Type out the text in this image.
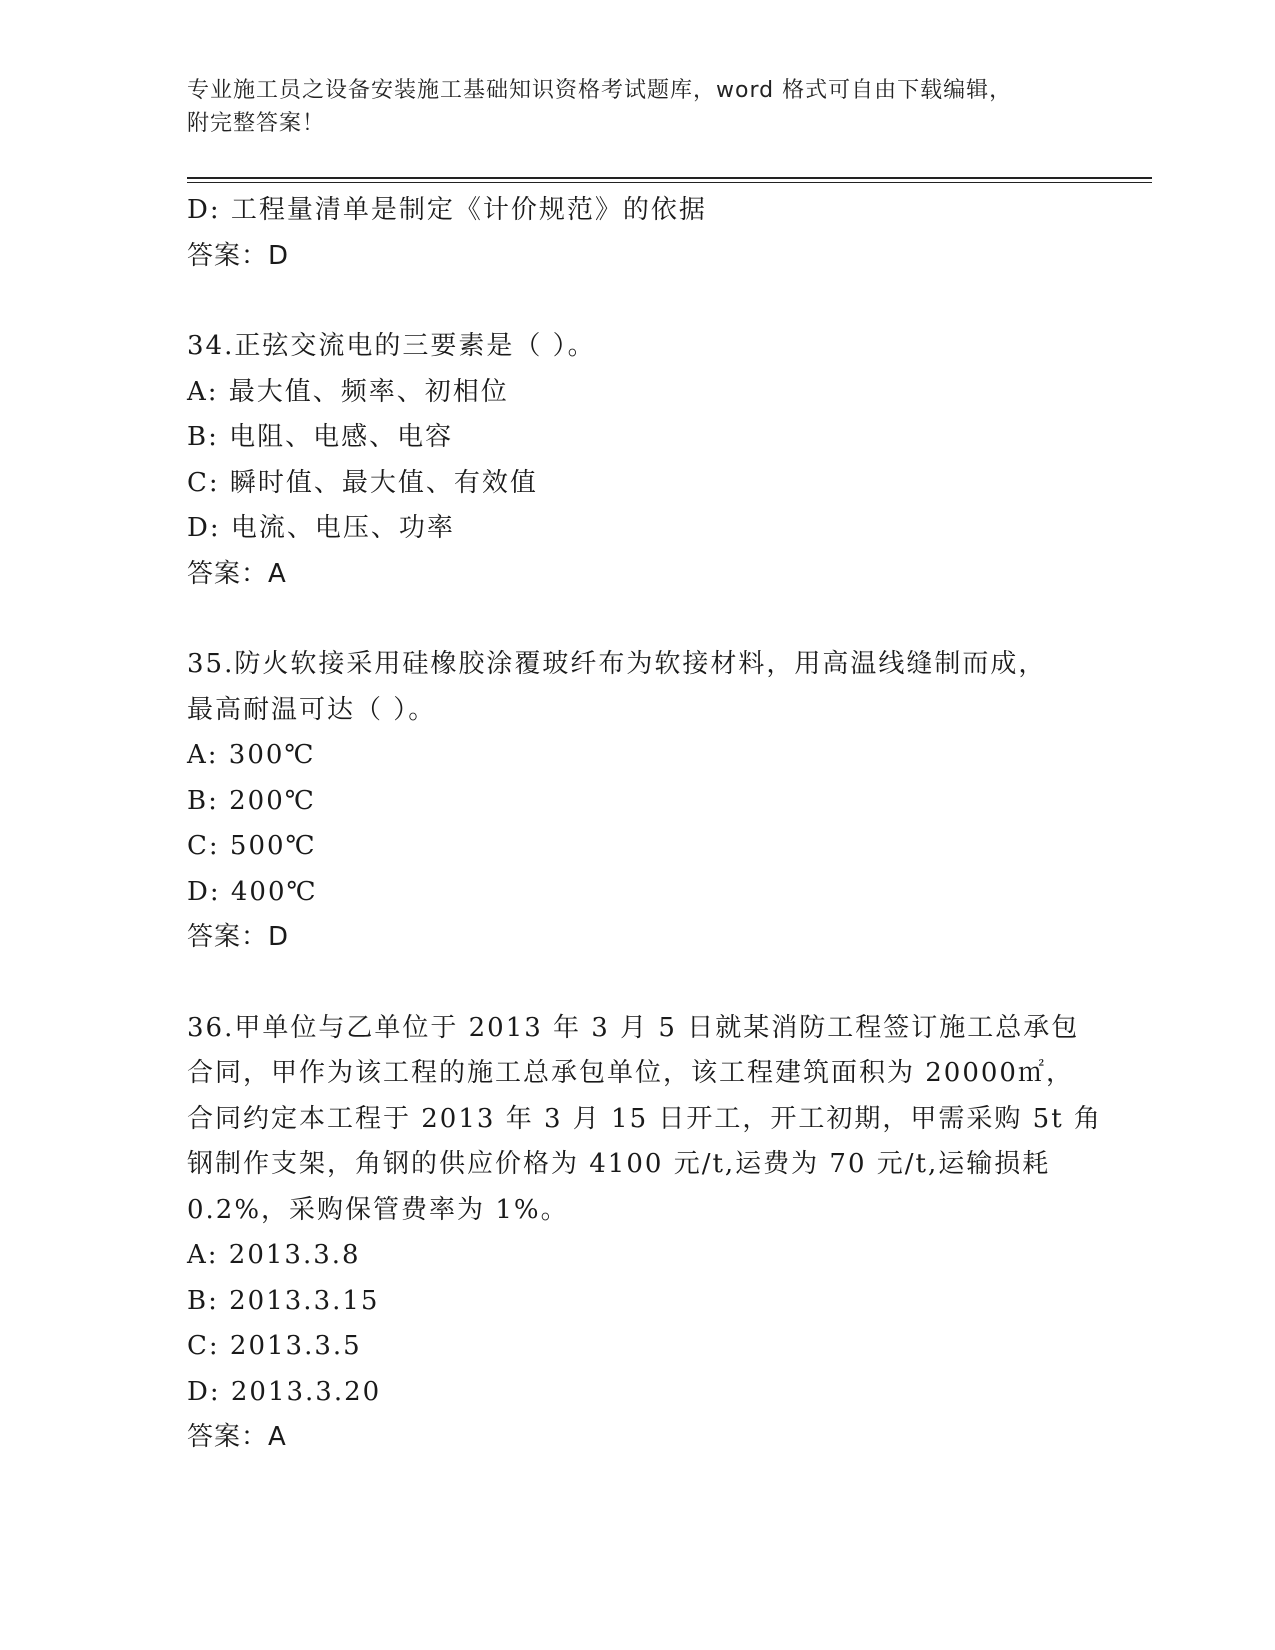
专业施工员之设备安装施工基础知识资格考试题库，word 格式可自由下载编辑，
附完整答案！
D: 工程量清单是制定《计价规范》的依据
答案：D
34.正弦交流电的三要素是（ ）。
A: 最大值、频率、初相位
B: 电阻、电感、电容
C: 瞬时值、最大值、有效值
D: 电流、电压、功率
答案：A
35.防火软接采用硅橡胶涂覆玻纤布为软接材料，用高温线缝制而成，
最高耐温可达（ ）。
A: 300℃
B: 200℃
C: 500℃
D: 400℃
答案：D
36.甲单位与乙单位于 2013 年 3 月 5 日就某消防工程签订施工总承包
合同，甲作为该工程的施工总承包单位，该工程建筑面积为 20000㎡，
合同约定本工程于 2013 年 3 月 15 日开工，开工初期，甲需采购 5t 角
钢制作支架，角钢的供应价格为 4100 元/t,运费为 70 元/t,运输损耗
0.2%，采购保管费率为 1%。
A: 2013.3.8
B: 2013.3.15
C: 2013.3.5
D: 2013.3.20
答案：A
